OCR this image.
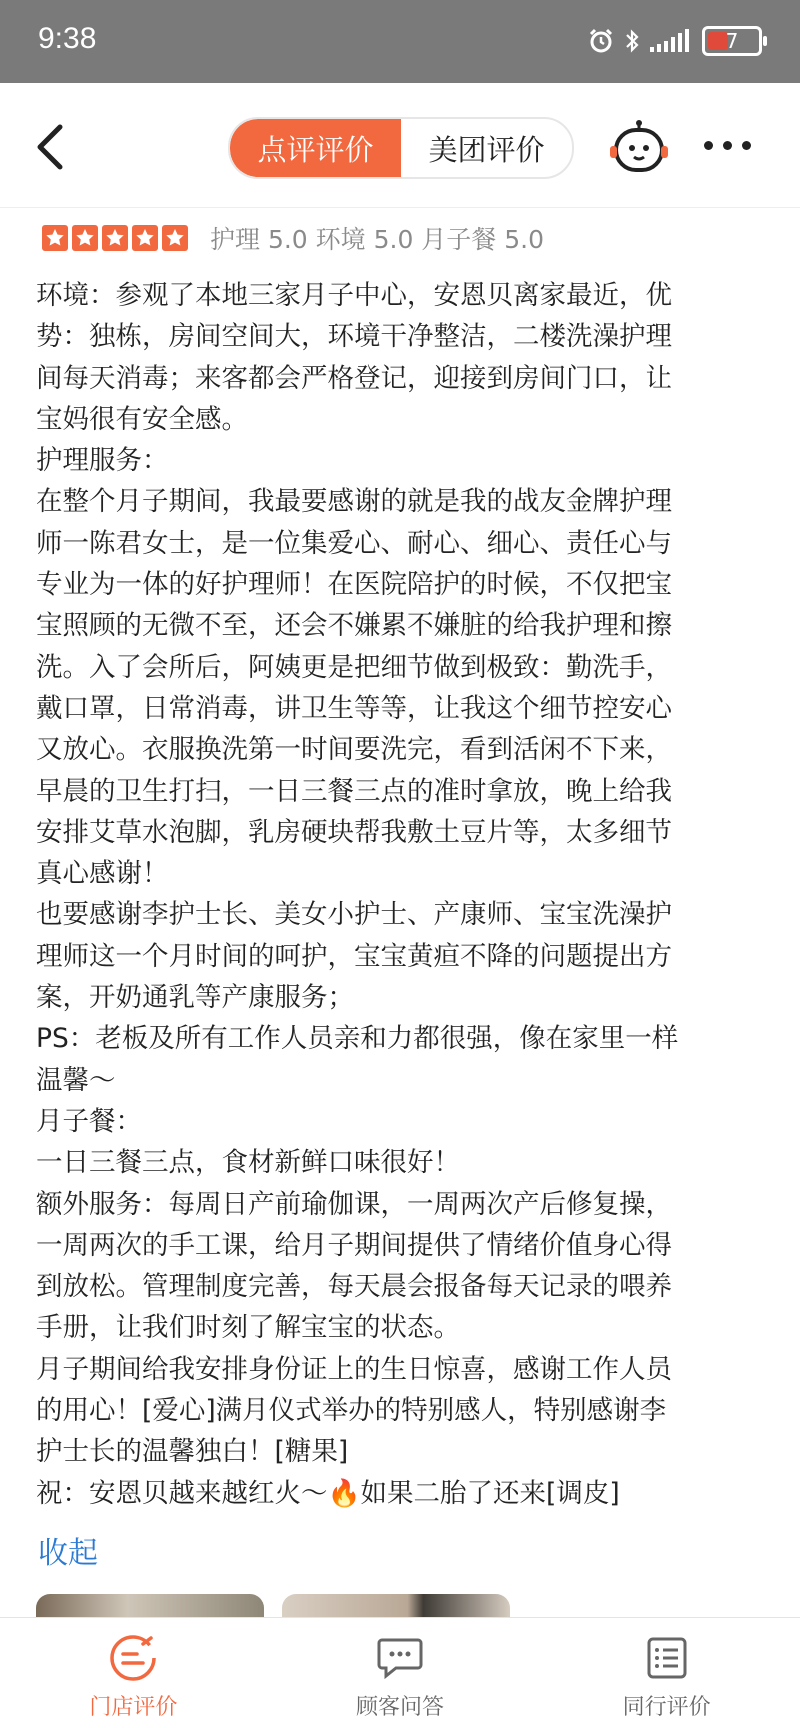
9:38	7
点评评价	美团评价
护理 5.0 环境 5.0 月子餐 5.0
环境：参观了本地三家月子中心，安恩贝离家最近，优
势：独栋，房间空间大，环境干净整洁，二楼洗澡护理
间每天消毒；来客都会严格登记，迎接到房间门口，让
宝妈很有安全感。
护理服务：
在整个月子期间，我最要感谢的就是我的战友金牌护理
师一陈君女士，是一位集爱心、耐心、细心、责任心与
专业为一体的好护理师！在医院陪护的时候，不仅把宝
宝照顾的无微不至，还会不嫌累不嫌脏的给我护理和擦
洗。入了会所后，阿姨更是把细节做到极致：勤洗手，
戴口罩，日常消毒，讲卫生等等，让我这个细节控安心
又放心。衣服换洗第一时间要洗完，看到活闲不下来，
早晨的卫生打扫，一日三餐三点的准时拿放，晚上给我
安排艾草水泡脚，乳房硬块帮我敷土豆片等，太多细节
真心感谢！
也要感谢李护士长、美女小护士、产康师、宝宝洗澡护
理师这一个月时间的呵护，宝宝黄疸不降的问题提出方
案，开奶通乳等产康服务；
PS：老板及所有工作人员亲和力都很强，像在家里一样
温馨～
月子餐：
一日三餐三点，食材新鲜口味很好！
额外服务：每周日产前瑜伽课，一周两次产后修复操，
一周两次的手工课，给月子期间提供了情绪价值身心得
到放松。管理制度完善，每天晨会报备每天记录的喂养
手册，让我们时刻了解宝宝的状态。
月子期间给我安排身份证上的生日惊喜，感谢工作人员
的用心！[爱心]满月仪式举办的特别感人，特别感谢李
护士长的温馨独白！[糖果]
祝：安恩贝越来越红火～🔥如果二胎了还来[调皮]
收起
门店评价	顾客问答	同行评价
